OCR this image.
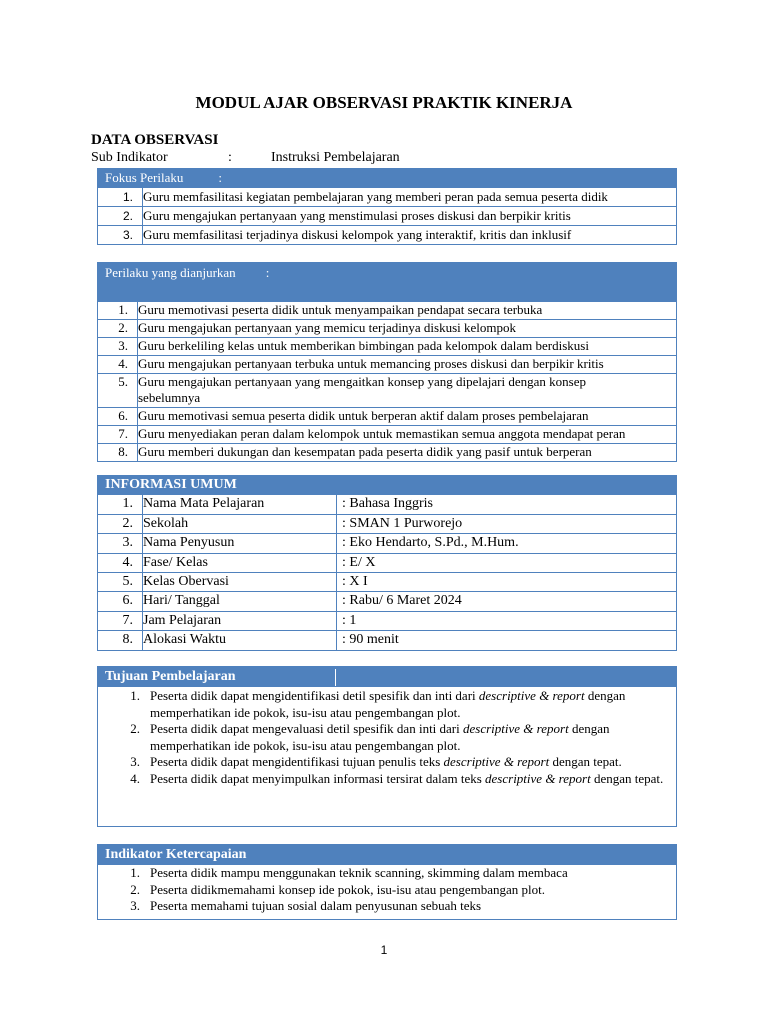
MODUL AJAR OBSERVASI PRAKTIK KINERJA
DATA OBSERVASI
Sub Indikator	:	Instruksi Pembelajaran
Fokus Perilaku :	
1.	Guru memfasilitasi kegiatan pembelajaran yang memberi peran pada semua peserta didik
2.	Guru mengajukan pertanyaan yang menstimulasi proses diskusi dan berpikir kritis
3.	Guru memfasilitasi terjadinya diskusi kelompok yang interaktif, kritis dan inklusif
Perilaku yang dianjurkan :	
1.	Guru memotivasi peserta didik untuk menyampaikan pendapat secara terbuka
2.	Guru mengajukan pertanyaan yang memicu terjadinya diskusi kelompok
3.	Guru berkeliling kelas untuk memberikan bimbingan pada kelompok dalam berdiskusi
4.	Guru mengajukan pertanyaan terbuka untuk memancing proses diskusi dan berpikir kritis
5.	Guru mengajukan pertanyaan yang mengaitkan konsep yang dipelajari dengan konsep sebelumnya
6.	Guru memotivasi semua peserta didik untuk berperan aktif dalam proses pembelajaran
7.	Guru menyediakan peran dalam kelompok untuk memastikan semua anggota mendapat peran
8.	Guru memberi dukungan dan kesempatan pada peserta didik yang pasif untuk berperan
INFORMASI UMUM		
1.	Nama Mata Pelajaran	: Bahasa Inggris
2.	Sekolah	: SMAN 1 Purworejo
3.	Nama Penyusun	: Eko Hendarto, S.Pd., M.Hum.
4.	Fase/ Kelas	: E/ X
5.	Kelas Obervasi	: X I
6.	Hari/ Tanggal	: Rabu/ 6 Maret 2024
7.	Jam Pelajaran	: 1
8.	Alokasi Waktu	: 90 menit
Tujuan Pembelajaran
1. Peserta didik dapat mengidentifikasi detil spesifik dan inti dari descriptive & report dengan memperhatikan ide pokok, isu-isu atau pengembangan plot.
2. Peserta didik dapat mengevaluasi detil spesifik dan inti dari descriptive & report dengan memperhatikan ide pokok, isu-isu atau pengembangan plot.
3. Peserta didik dapat mengidentifikasi tujuan penulis teks descriptive & report dengan tepat.
4. Peserta didik dapat menyimpulkan informasi tersirat dalam teks descriptive & report dengan tepat.
Indikator Ketercapaian
1. Peserta didik mampu menggunakan teknik scanning, skimming dalam membaca
2. Peserta didikmemahami konsep ide pokok, isu-isu atau pengembangan plot.
3. Peserta memahami tujuan sosial dalam penyusunan sebuah teks
1
